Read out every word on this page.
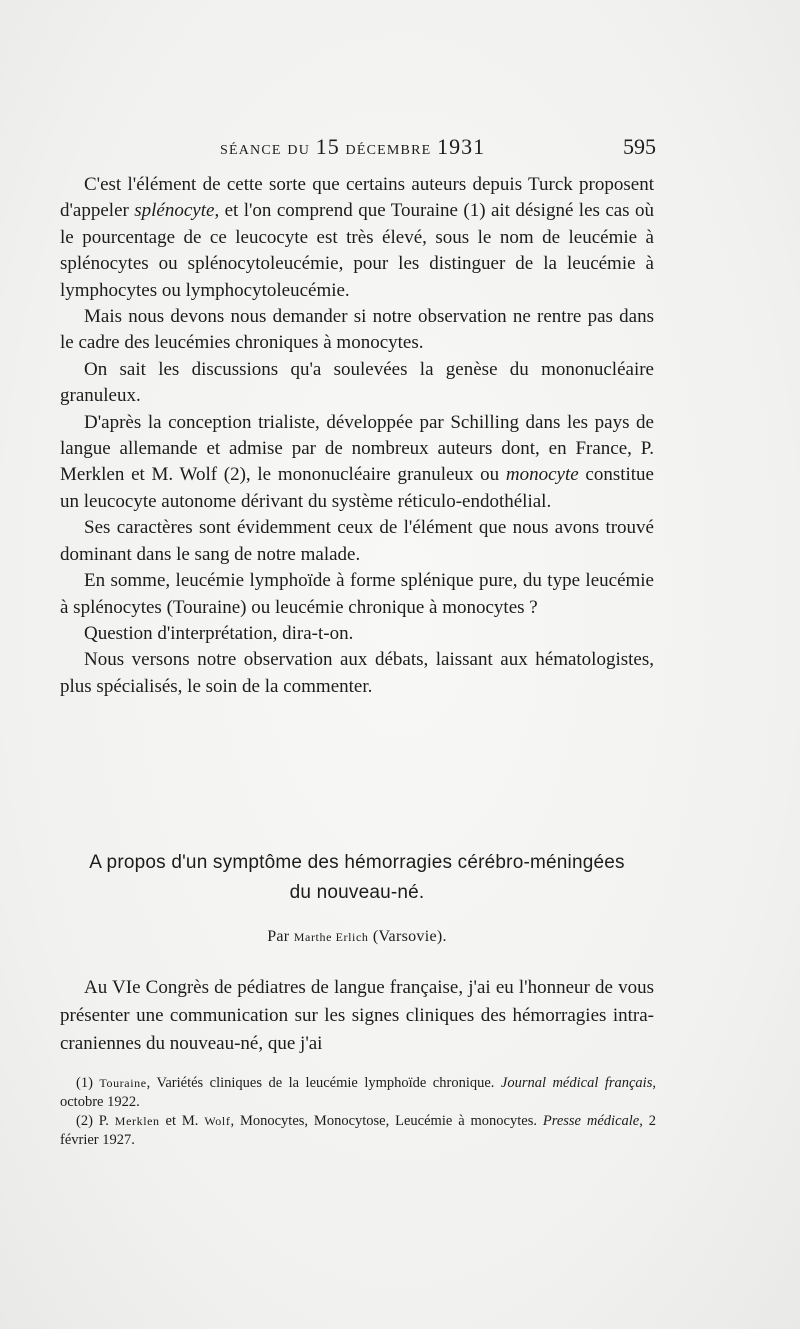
SÉANCE DU 15 DÉCEMBRE 1931	595

C'est l'élément de cette sorte que certains auteurs depuis Turck proposent d'appeler splénocyte, et l'on comprend que Touraine (1) ait désigné les cas où le pourcentage de ce leucocyte est très élevé, sous le nom de leucémie à splénocytes ou splénocytoleucémie, pour les distinguer de la leucémie à lymphocytes ou lymphocytoleucémie.

Mais nous devons nous demander si notre observation ne rentre pas dans le cadre des leucémies chroniques à monocytes.

On sait les discussions qu'a soulevées la genèse du mononucléaire granuleux.

D'après la conception trialiste, développée par Schilling dans les pays de langue allemande et admise par de nombreux auteurs dont, en France, P. Merklen et M. Wolf (2), le mononucléaire granuleux ou monocyte constitue un leucocyte autonome dérivant du système réticulo-endothélial.

Ses caractères sont évidemment ceux de l'élément que nous avons trouvé dominant dans le sang de notre malade.

En somme, leucémie lymphoïde à forme splénique pure, du type leucémie à splénocytes (Touraine) ou leucémie chronique à monocytes ?

Question d'interprétation, dira-t-on.

Nous versons notre observation aux débats, laissant aux hématologistes, plus spécialisés, le soin de la commenter.

A propos d'un symptôme des hémorragies cérébro-méningées
du nouveau-né.
Par Marthe Erlich (Varsovie).

Au VIe Congrès de pédiatres de langue française, j'ai eu l'honneur de vous présenter une communication sur les signes cliniques des hémorragies intra-craniennes du nouveau-né, que j'ai

(1) Touraine, Variétés cliniques de la leucémie lymphoïde chronique. Journal médical français, octobre 1922.

(2) P. Merklen et M. Wolf, Monocytes, Monocytose, Leucémie à monocytes. Presse médicale, 2 février 1927.
